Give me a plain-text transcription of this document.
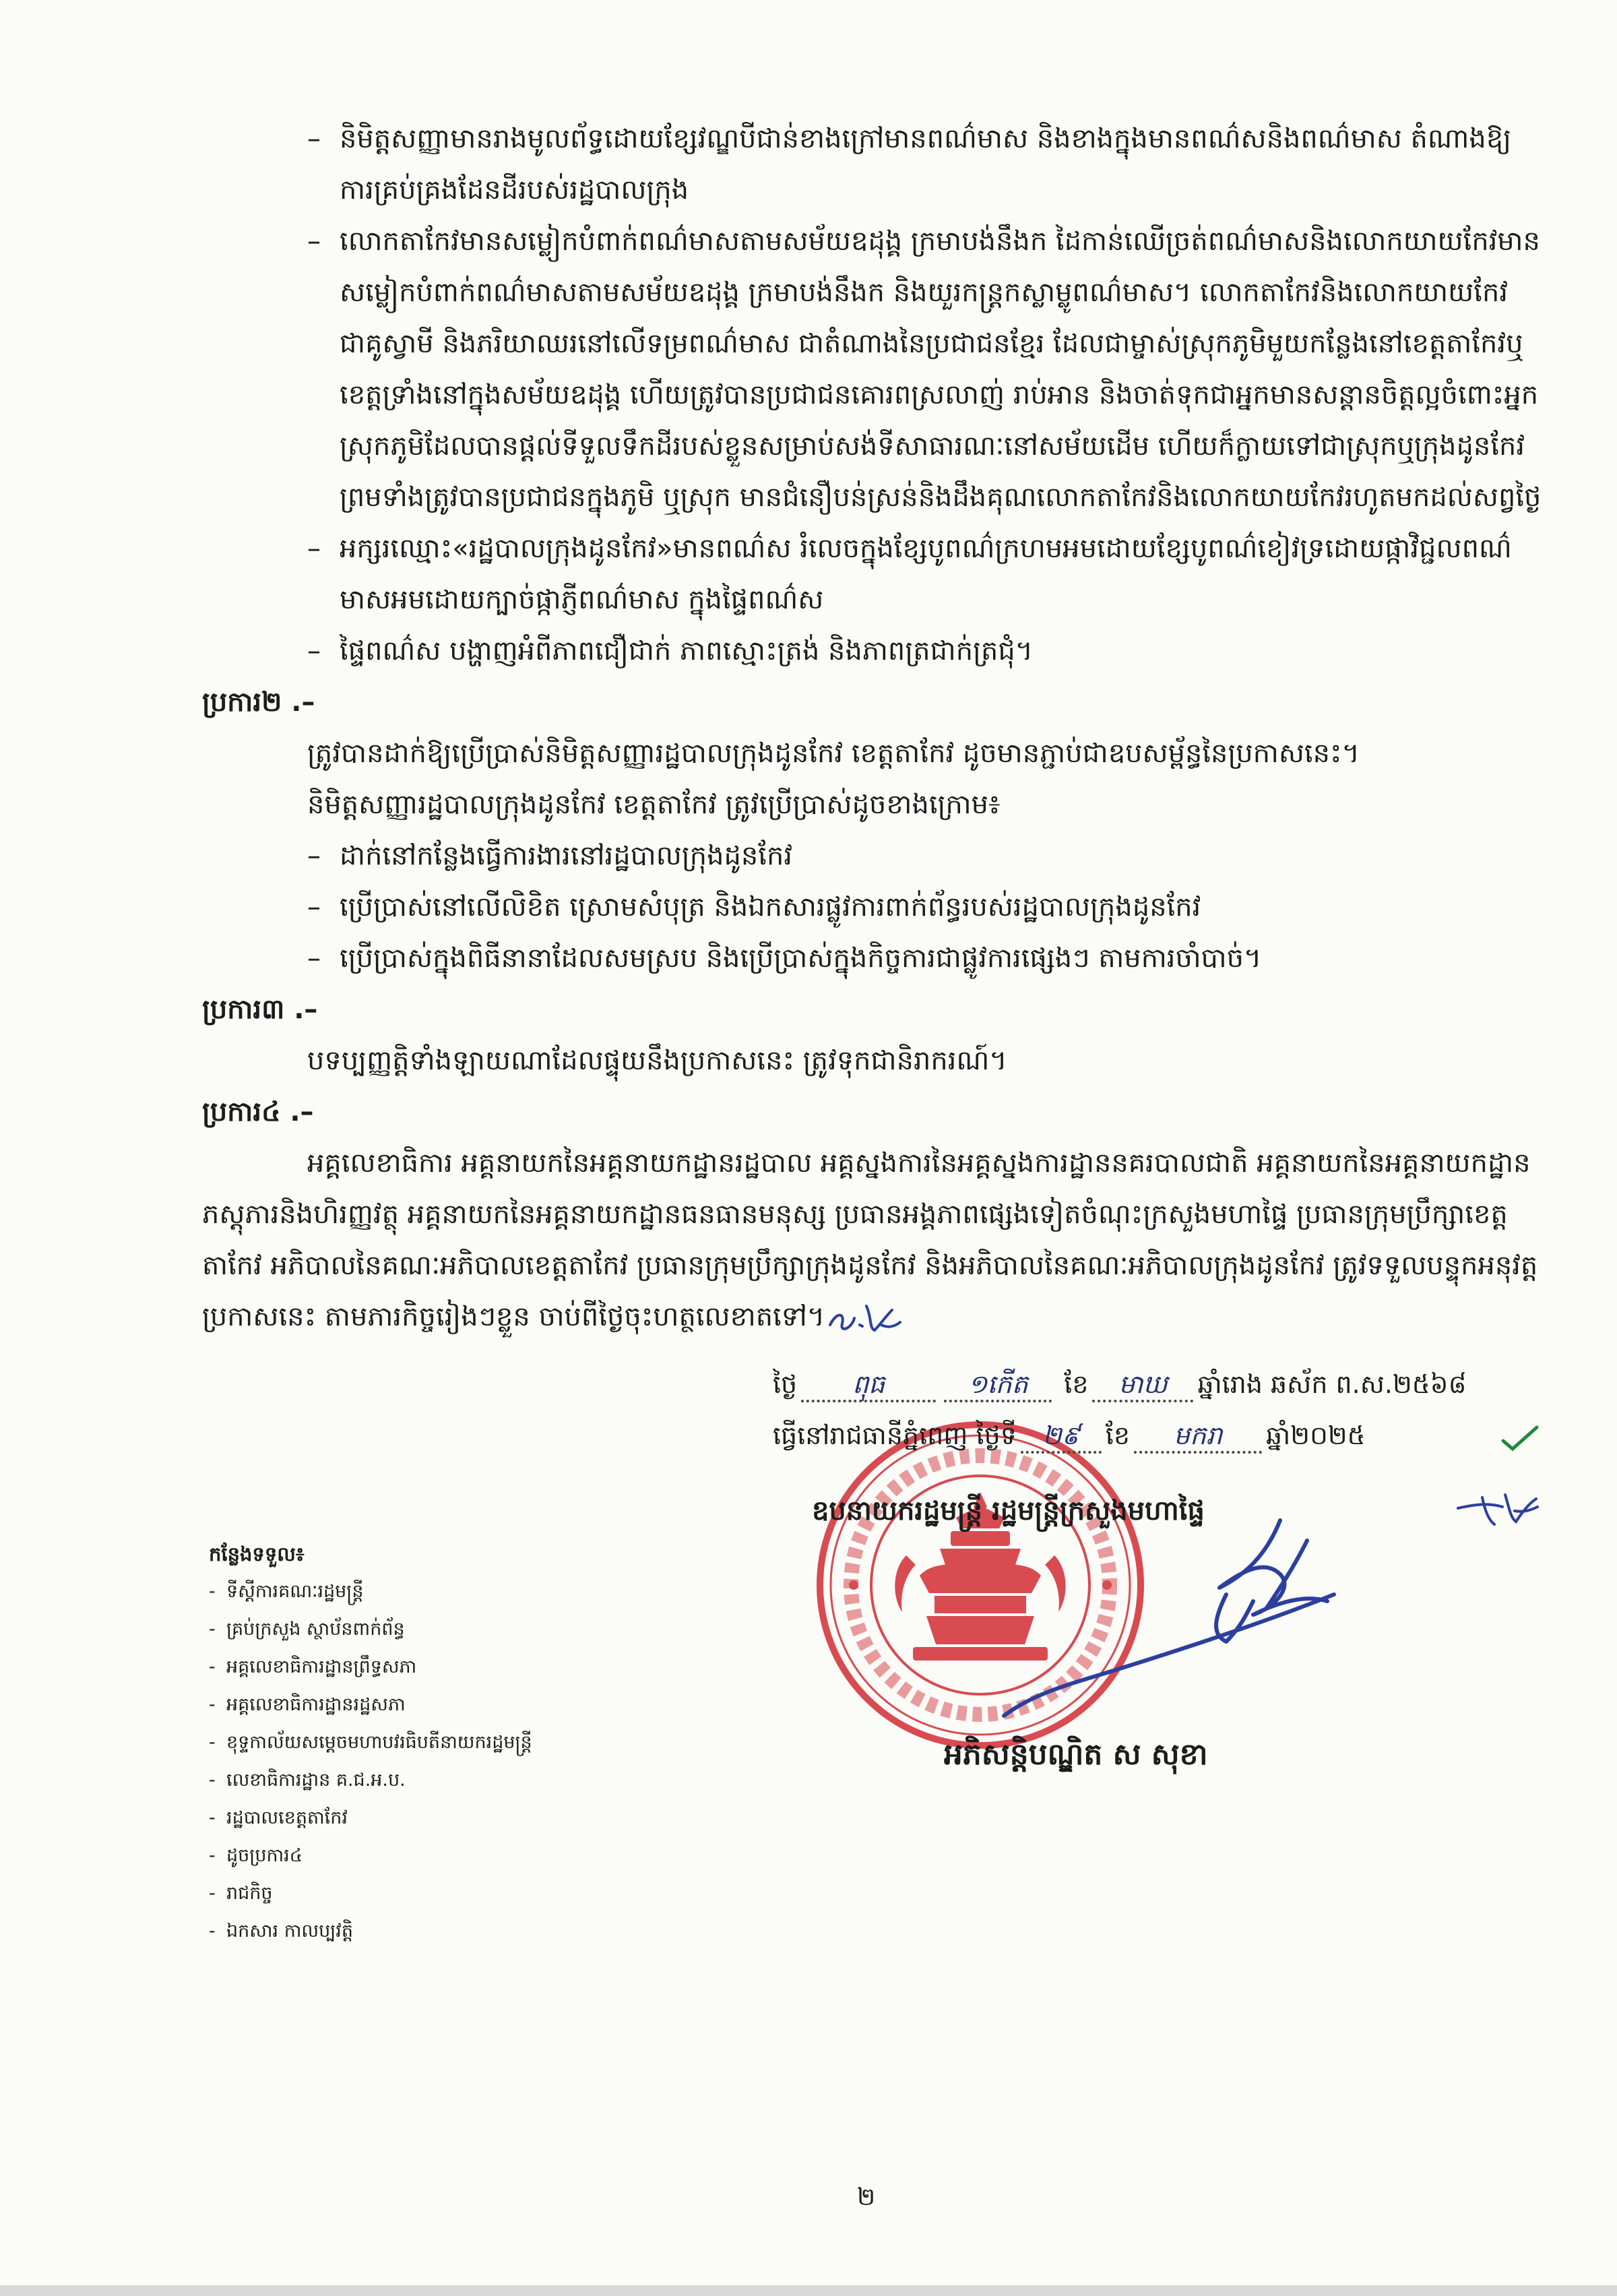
– និមិត្តសញ្ញាមានរាងមូលព័ទ្ធដោយខ្សែវណ្ឌបីជាន់ខាងក្រៅមានពណ៌មាស និងខាងក្នុងមានពណ៌សនិងពណ៌មាស តំណាងឱ្យការគ្រប់គ្រងដែនដីរបស់រដ្ឋបាលក្រុង
– លោកតាកែវមានសម្លៀកបំពាក់ពណ៌មាសតាមសម័យឧដុង្គ ក្រមាបង់នឹងក ដៃកាន់ឈើច្រត់ពណ៌មាសនិងលោកយាយកែវមានសម្លៀកបំពាក់ពណ៌មាសតាមសម័យឧដុង្គ ក្រមាបង់នឹងក និងយួរកន្ត្រកស្លាម្លូពណ៌មាស។ លោកតាកែវនិងលោកយាយកែវជាគូស្វាមី និងភរិយាឈរនៅលើទម្រពណ៌មាស ជាតំណាងនៃប្រជាជនខ្មែរ ដែលជាម្ចាស់ស្រុកភូមិមួយកន្លែងនៅខេត្តតាកែវឬខេត្តទ្រាំងនៅក្នុងសម័យឧដុង្គ ហើយត្រូវបានប្រជាជនគោរពស្រលាញ់ រាប់អាន និងចាត់ទុកជាអ្នកមានសន្តានចិត្តល្អចំពោះអ្នកស្រុកភូមិដែលបានផ្តល់ទីទួលទឹកដីរបស់ខ្លួនសម្រាប់សង់ទីសាធារណៈនៅសម័យដើម ហើយក៏ក្លាយទៅជាស្រុកឬក្រុងដូនកែវ ព្រមទាំងត្រូវបានប្រជាជនក្នុងភូមិ ឬស្រុក មានជំនឿបន់ស្រន់និងដឹងគុណលោកតាកែវនិងលោកយាយកែវរហូតមកដល់សព្វថ្ងៃ
– អក្សរឈ្មោះ«រដ្ឋបាលក្រុងដូនកែវ»មានពណ៌ស រំលេចក្នុងខ្សែបូពណ៌ក្រហមអមដោយខ្សែបូពណ៌ខៀវទ្រដោយផ្កាវិជ្ជលពណ៌មាសអមដោយក្បាច់ផ្កាភ្ញីពណ៌មាស ក្នុងផ្ទៃពណ៌ស
– ផ្ទៃពណ៌ស បង្ហាញអំពីភាពជឿជាក់ ភាពស្មោះត្រង់ និងភាពត្រជាក់ត្រជុំ។
ប្រការ២ .–

ត្រូវបានដាក់ឱ្យប្រើប្រាស់និមិត្តសញ្ញារដ្ឋបាលក្រុងដូនកែវ ខេត្តតាកែវ ដូចមានភ្ជាប់ជាឧបសម្ព័ន្ធនៃប្រកាសនេះ។

និមិត្តសញ្ញារដ្ឋបាលក្រុងដូនកែវ ខេត្តតាកែវ ត្រូវប្រើប្រាស់ដូចខាងក្រោម៖

– ដាក់នៅកន្លែងធ្វើការងារនៅរដ្ឋបាលក្រុងដូនកែវ
– ប្រើប្រាស់នៅលើលិខិត ស្រោមសំបុត្រ និងឯកសារផ្លូវការពាក់ព័ន្ធរបស់រដ្ឋបាលក្រុងដូនកែវ
– ប្រើប្រាស់ក្នុងពិធីនានាដែលសមស្រប និងប្រើប្រាស់ក្នុងកិច្ចការជាផ្លូវការផ្សេងៗ តាមការចាំបាច់។
ប្រការ៣ .–

បទប្បញ្ញត្តិទាំងឡាយណាដែលផ្ទុយនឹងប្រកាសនេះ ត្រូវទុកជានិរាករណ៍។

ប្រការ៤ .–

អគ្គលេខាធិការ អគ្គនាយកនៃអគ្គនាយកដ្ឋានរដ្ឋបាល អគ្គស្នងការនៃអគ្គស្នងការដ្ឋាននគរបាលជាតិ អគ្គនាយកនៃអគ្គនាយកដ្ឋានភស្តុភារនិងហិរញ្ញវត្ថុ អគ្គនាយកនៃអគ្គនាយកដ្ឋានធនធានមនុស្ស ប្រធានអង្គភាពផ្សេងទៀតចំណុះក្រសួងមហាផ្ទៃ ប្រធានក្រុមប្រឹក្សាខេត្តតាកែវ អភិបាលនៃគណៈអភិបាលខេត្តតាកែវ ប្រធានក្រុមប្រឹក្សាក្រុងដូនកែវ និងអភិបាលនៃគណៈអភិបាលក្រុងដូនកែវ ត្រូវទទួលបន្ទុកអនុវត្តប្រកាសនេះ តាមភារកិច្ចរៀងៗខ្លួន ចាប់ពីថ្ងៃចុះហត្ថលេខាតទៅ។

ថ្ងៃ ពុធ	១កើត ខែ មាឃ ឆ្នាំរោង ឆស័ក ព.ស.២៥៦៨
ធ្វើនៅរាជធានីភ្នំពេញ ថ្ងៃទី ២៩ ខែ មករា ឆ្នាំ២០២៥
ឧបនាយករដ្ឋមន្ត្រី រដ្ឋមន្ត្រីក្រសួងមហាផ្ទៃ
អភិសន្តិបណ្ឌិត ស សុខា
កន្លែងទទួល៖
- ទីស្តីការគណៈរដ្ឋមន្ត្រី
- គ្រប់ក្រសួង ស្ថាប័នពាក់ព័ន្ធ
- អគ្គលេខាធិការដ្ឋានព្រឹទ្ធសភា
- អគ្គលេខាធិការដ្ឋានរដ្ឋសភា
- ខុទ្ទកាល័យសម្តេចមហាបវរធិបតីនាយករដ្ឋមន្ត្រី
- លេខាធិការដ្ឋាន គ.ជ.អ.ប.
- រដ្ឋបាលខេត្តតាកែវ
- ដូចប្រការ៤
- រាជកិច្ច
- ឯកសារ កាលប្បវត្តិ
២
